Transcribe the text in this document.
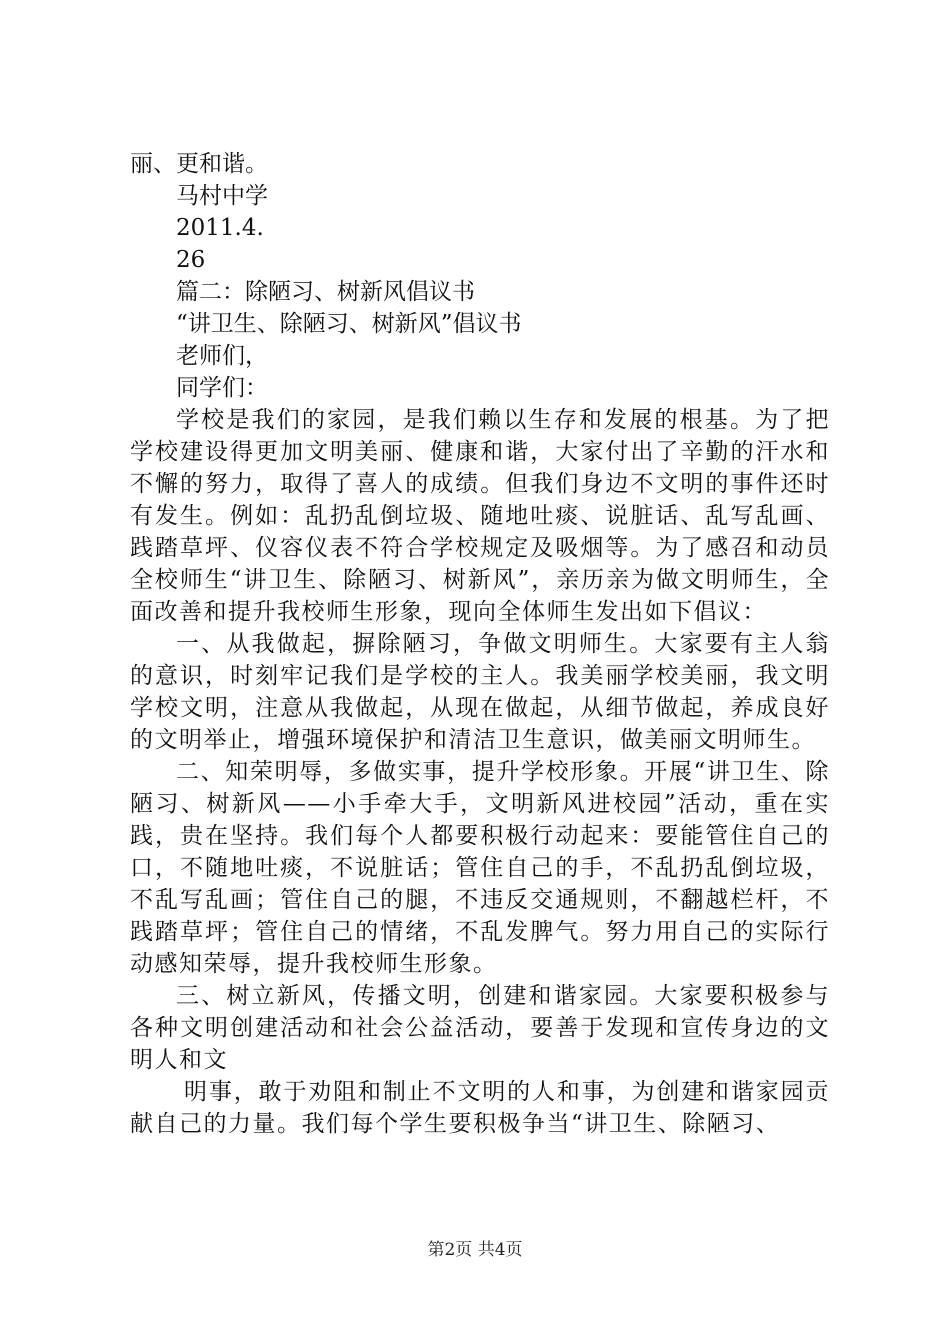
丽、更和谐。

马村中学

2011.4.

26

篇二：除陋习、树新风倡议书

“讲卫生、除陋习、树新风”倡议书

老师们，

同学们：

学校是我们的家园，是我们赖以生存和发展的根基。为了把学校建设得更加文明美丽、健康和谐，大家付出了辛勤的汗水和不懈的努力，取得了喜人的成绩。但我们身边不文明的事件还时有发生。例如：乱扔乱倒垃圾、随地吐痰、说脏话、乱写乱画、践踏草坪、仪容仪表不符合学校规定及吸烟等。为了感召和动员全校师生“讲卫生、除陋习、树新风”，亲历亲为做文明师生，全面改善和提升我校师生形象，现向全体师生发出如下倡议：

一、从我做起，摒除陋习，争做文明师生。大家要有主人翁的意识，时刻牢记我们是学校的主人。我美丽学校美丽，我文明学校文明，注意从我做起，从现在做起，从细节做起，养成良好的文明举止，增强环境保护和清洁卫生意识，做美丽文明师生。

二、知荣明辱，多做实事，提升学校形象。开展“讲卫生、除陋习、树新风——小手牵大手，文明新风进校园”活动，重在实践，贵在坚持。我们每个人都要积极行动起来：要能管住自己的口，不随地吐痰，不说脏话；管住自己的手，不乱扔乱倒垃圾，不乱写乱画；管住自己的腿，不违反交通规则，不翻越栏杆，不践踏草坪；管住自己的情绪，不乱发脾气。努力用自己的实际行动感知荣辱，提升我校师生形象。

三、树立新风，传播文明，创建和谐家园。大家要积极参与各种文明创建活动和社会公益活动，要善于发现和宣传身边的文明人和文

明事，敢于劝阻和制止不文明的人和事，为创建和谐家园贡献自己的力量。我们每个学生要积极争当“讲卫生、除陋习、

第2页 共4页
